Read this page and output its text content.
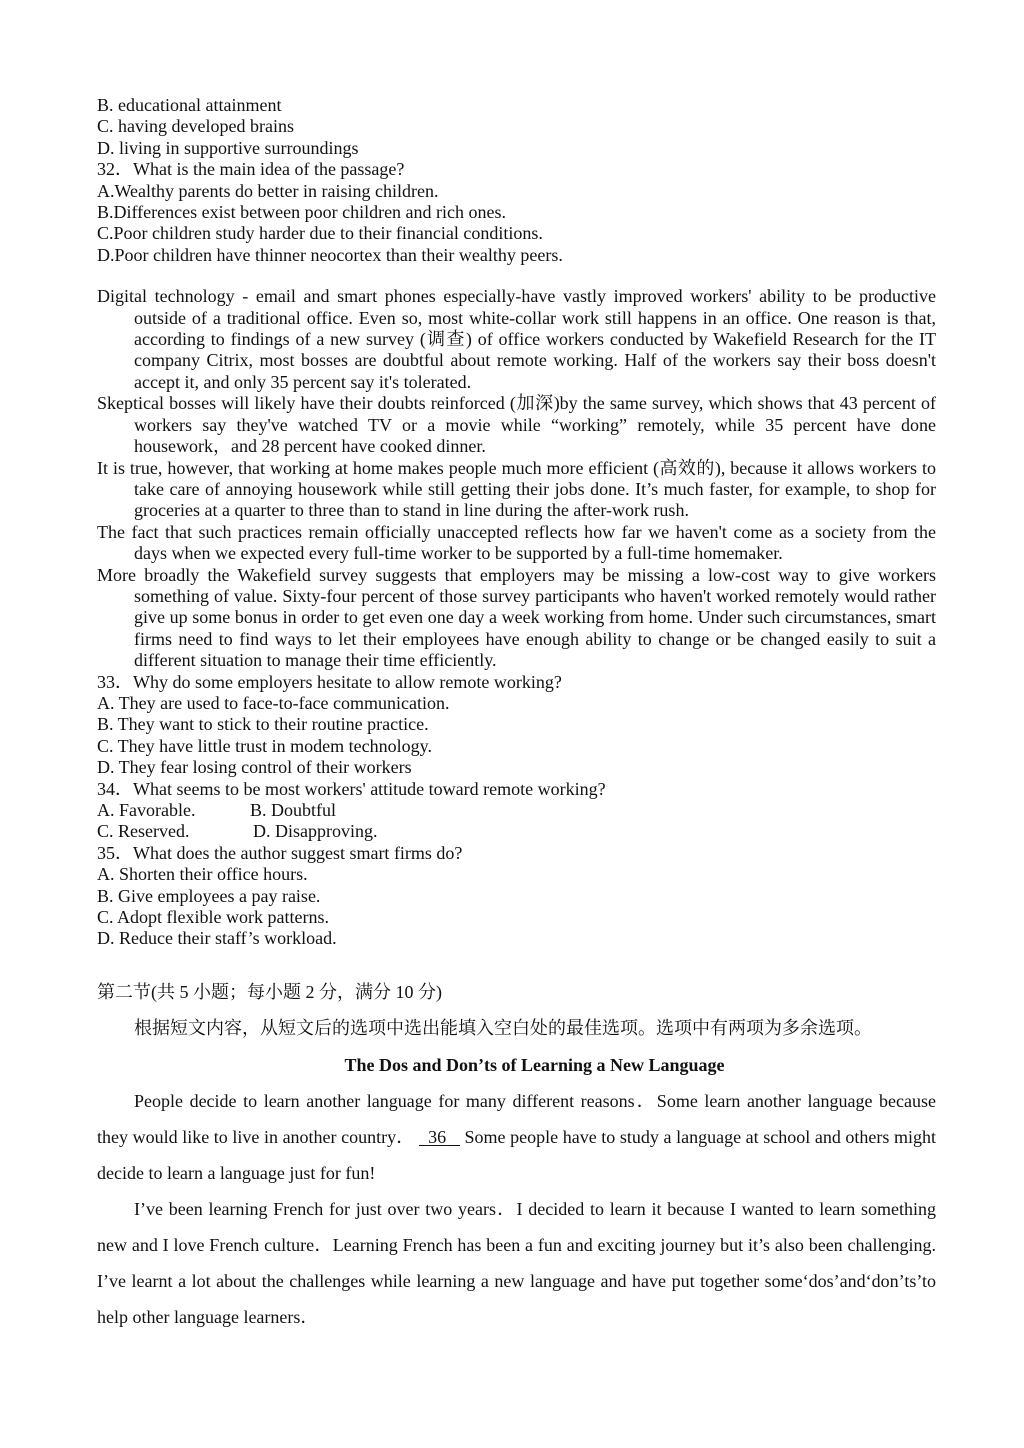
B. educational attainment
C. having developed brains
D. living in supportive surroundings
32．What is the main idea of the passage?
A.Wealthy parents do better in raising children.
B.Differences exist between poor children and rich ones.
C.Poor children study harder due to their financial conditions.
D.Poor children have thinner neocortex than their wealthy peers.
Digital technology - email and smart phones especially-have vastly improved workers' ability to be productive outside of a traditional office. Even so, most white-collar work still happens in an office. One reason is that, according to findings of a new survey (调查) of office workers conducted by Wakefield Research for the IT company Citrix, most bosses are doubtful about remote working. Half of the workers say their boss doesn't accept it, and only 35 percent say it's tolerated.
Skeptical bosses will likely have their doubts reinforced (加深)by the same survey, which shows that 43 percent of workers say they've watched TV or a movie while “working” remotely, while 35 percent have done housework，and 28 percent have cooked dinner.
It is true, however, that working at home makes people much more efficient (高效的), because it allows workers to take care of annoying housework while still getting their jobs done. It’s much faster, for example, to shop for groceries at a quarter to three than to stand in line during the after-work rush.
The fact that such practices remain officially unaccepted reflects how far we haven't come as a society from the days when we expected every full-time worker to be supported by a full-time homemaker.
More broadly the Wakefield survey suggests that employers may be missing a low-cost way to give workers something of value. Sixty-four percent of those survey participants who haven't worked remotely would rather give up some bonus in order to get even one day a week working from home. Under such circumstances, smart firms need to find ways to let their employees have enough ability to change or be changed easily to suit a different situation to manage their time efficiently.
33．Why do some employers hesitate to allow remote working?
A. They are used to face-to-face communication.
B. They want to stick to their routine practice.
C. They have little trust in modem technology.
D. They fear losing control of their workers
34．What seems to be most workers' attitude toward remote working?
A. Favorable.	B. Doubtful
C. Reserved.	D. Disapproving.
35．What does the author suggest smart firms do?
A. Shorten their office hours.
B. Give employees a pay raise.
C. Adopt flexible work patterns.
D. Reduce their staff’s workload.
第二节(共 5 小题；每小题 2 分，满分 10 分)
根据短文内容，从短文后的选项中选出能填入空白处的最佳选项。选项中有两项为多余选项。
The Dos and Don’ts of Learning a New Language
People decide to learn another language for many different reasons．Some learn another language because they would like to live in another country． 36    Some people have to study a language at school and others might decide to learn a language just for fun!
I’ve been learning French for just over two years．I decided to learn it because I wanted to learn something new and I love French culture．Learning French has been a fun and exciting journey but it’s also been challenging. I’ve learnt a lot about the challenges while learning a new language and have put together some‘dos’and‘don’ts’to help other language learners．
